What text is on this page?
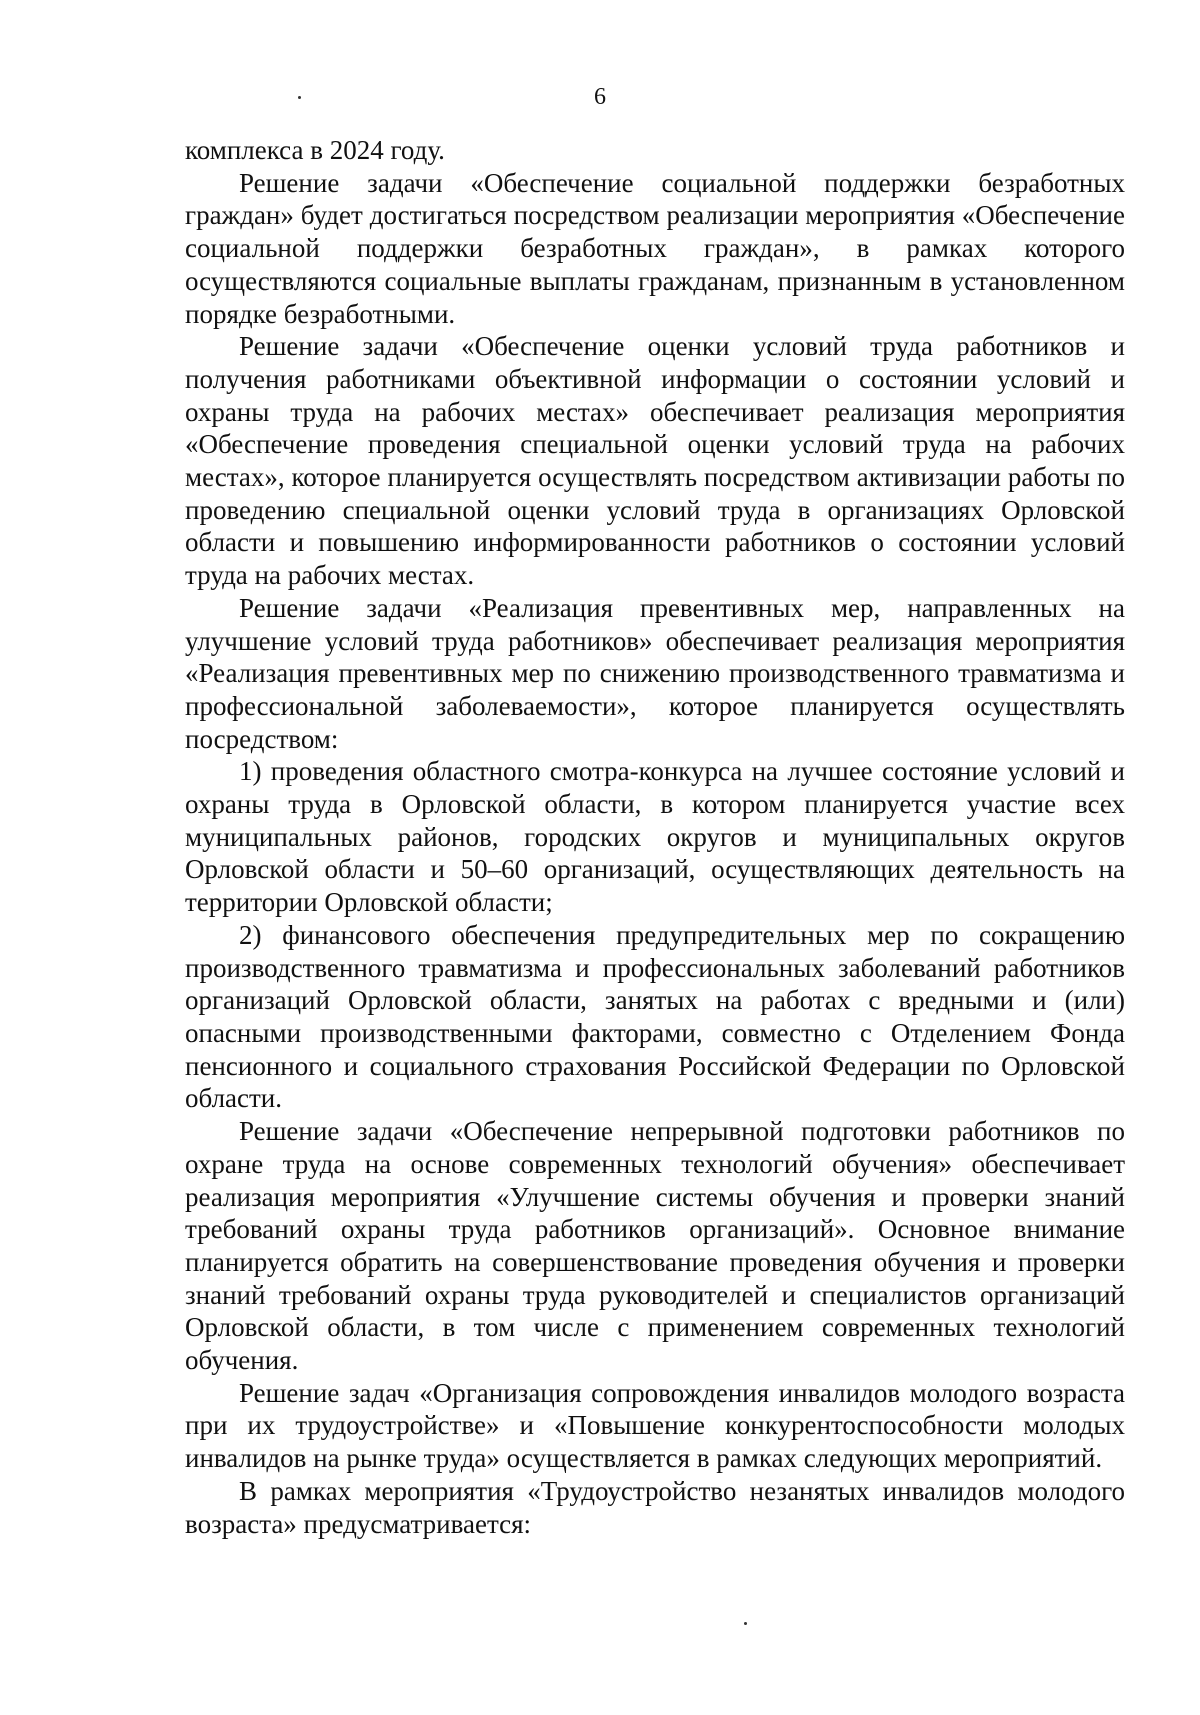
6

комплекса в 2024 году.

Решение задачи «Обеспечение социальной поддержки безработных граждан» будет достигаться посредством реализации мероприятия «Обеспечение социальной поддержки безработных граждан», в рамках которого осуществляются социальные выплаты гражданам, признанным в установленном порядке безработными.

Решение задачи «Обеспечение оценки условий труда работников и получения работниками объективной информации о состоянии условий и охраны труда на рабочих местах» обеспечивает реализация мероприятия «Обеспечение проведения специальной оценки условий труда на рабочих местах», которое планируется осуществлять посредством активизации работы по проведению специальной оценки условий труда в организациях Орловской области и повышению информированности работников о состоянии условий труда на рабочих местах.

Решение задачи «Реализация превентивных мер, направленных на улучшение условий труда работников» обеспечивает реализация мероприятия «Реализация превентивных мер по снижению производственного травматизма и профессиональной заболеваемости», которое планируется осуществлять посредством:

1) проведения областного смотра-конкурса на лучшее состояние условий и охраны труда в Орловской области, в котором планируется участие всех муниципальных районов, городских округов и муниципальных округов Орловской области и 50–60 организаций, осуществляющих деятельность на территории Орловской области;

2) финансового обеспечения предупредительных мер по сокращению производственного травматизма и профессиональных заболеваний работников организаций Орловской области, занятых на работах с вредными и (или) опасными производственными факторами, совместно с Отделением Фонда пенсионного и социального страхования Российской Федерации по Орловской области.

Решение задачи «Обеспечение непрерывной подготовки работников по охране труда на основе современных технологий обучения» обеспечивает реализация мероприятия «Улучшение системы обучения и проверки знаний требований охраны труда работников организаций». Основное внимание планируется обратить на совершенствование проведения обучения и проверки знаний требований охраны труда руководителей и специалистов организаций Орловской области, в том числе с применением современных технологий обучения.

Решение задач «Организация сопровождения инвалидов молодого возраста при их трудоустройстве» и «Повышение конкурентоспособности молодых инвалидов на рынке труда» осуществляется в рамках следующих мероприятий.

В рамках мероприятия «Трудоустройство незанятых инвалидов молодого возраста» предусматривается:
